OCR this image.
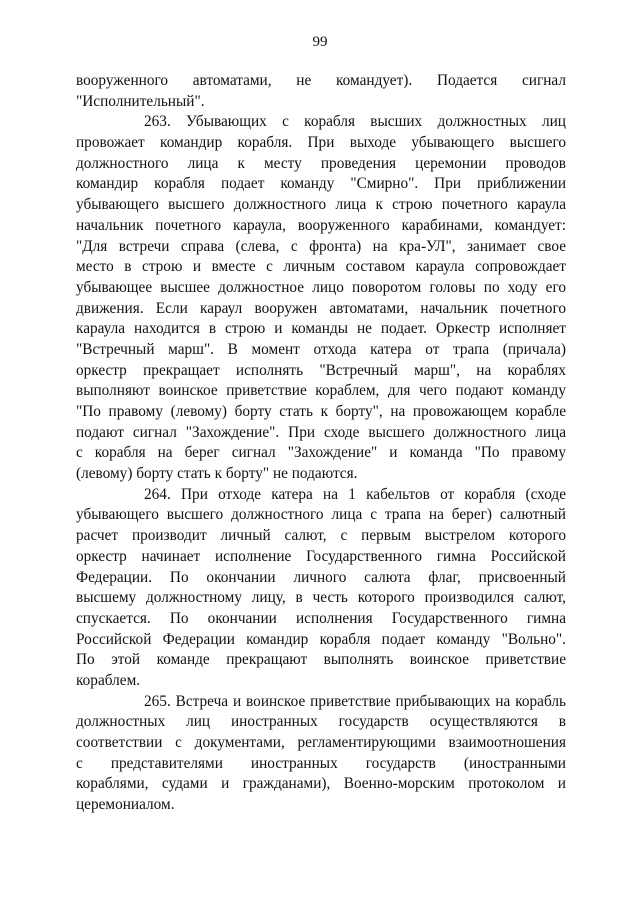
99
вооруженного автоматами, не командует). Подается сигнал
"Исполнительный".
263. Убывающих с корабля высших должностных лиц
провожает командир корабля. При выходе убывающего высшего
должностного лица к месту проведения церемонии проводов
командир корабля подает команду "Смирно". При приближении
убывающего высшего должностного лица к строю почетного караула
начальник почетного караула, вооруженного карабинами, командует:
"Для встречи справа (слева, с фронта) на кра-УЛ", занимает свое
место в строю и вместе с личным составом караула сопровождает
убывающее высшее должностное лицо поворотом головы по ходу его
движения. Если караул вооружен автоматами, начальник почетного
караула находится в строю и команды не подает. Оркестр исполняет
"Встречный марш". В момент отхода катера от трапа (причала)
оркестр прекращает исполнять "Встречный марш", на кораблях
выполняют воинское приветствие кораблем, для чего подают команду
"По правому (левому) борту стать к борту", на провожающем корабле
подают сигнал "Захождение". При сходе высшего должностного лица
с корабля на берег сигнал "Захождение" и команда "По правому
(левому) борту стать к борту" не подаются.
264. При отходе катера на 1 кабельтов от корабля (сходе
убывающего высшего должностного лица с трапа на берег) салютный
расчет производит личный салют, с первым выстрелом которого
оркестр начинает исполнение Государственного гимна Российской
Федерации. По окончании личного салюта флаг, присвоенный
высшему должностному лицу, в честь которого производился салют,
спускается. По окончании исполнения Государственного гимна
Российской Федерации командир корабля подает команду "Вольно".
По этой команде прекращают выполнять воинское приветствие
кораблем.
265. Встреча и воинское приветствие прибывающих на корабль
должностных лиц иностранных государств осуществляются в
соответствии с документами, регламентирующими взаимоотношения
с представителями иностранных государств (иностранными
кораблями, судами и гражданами), Военно-морским протоколом и
церемониалом.
